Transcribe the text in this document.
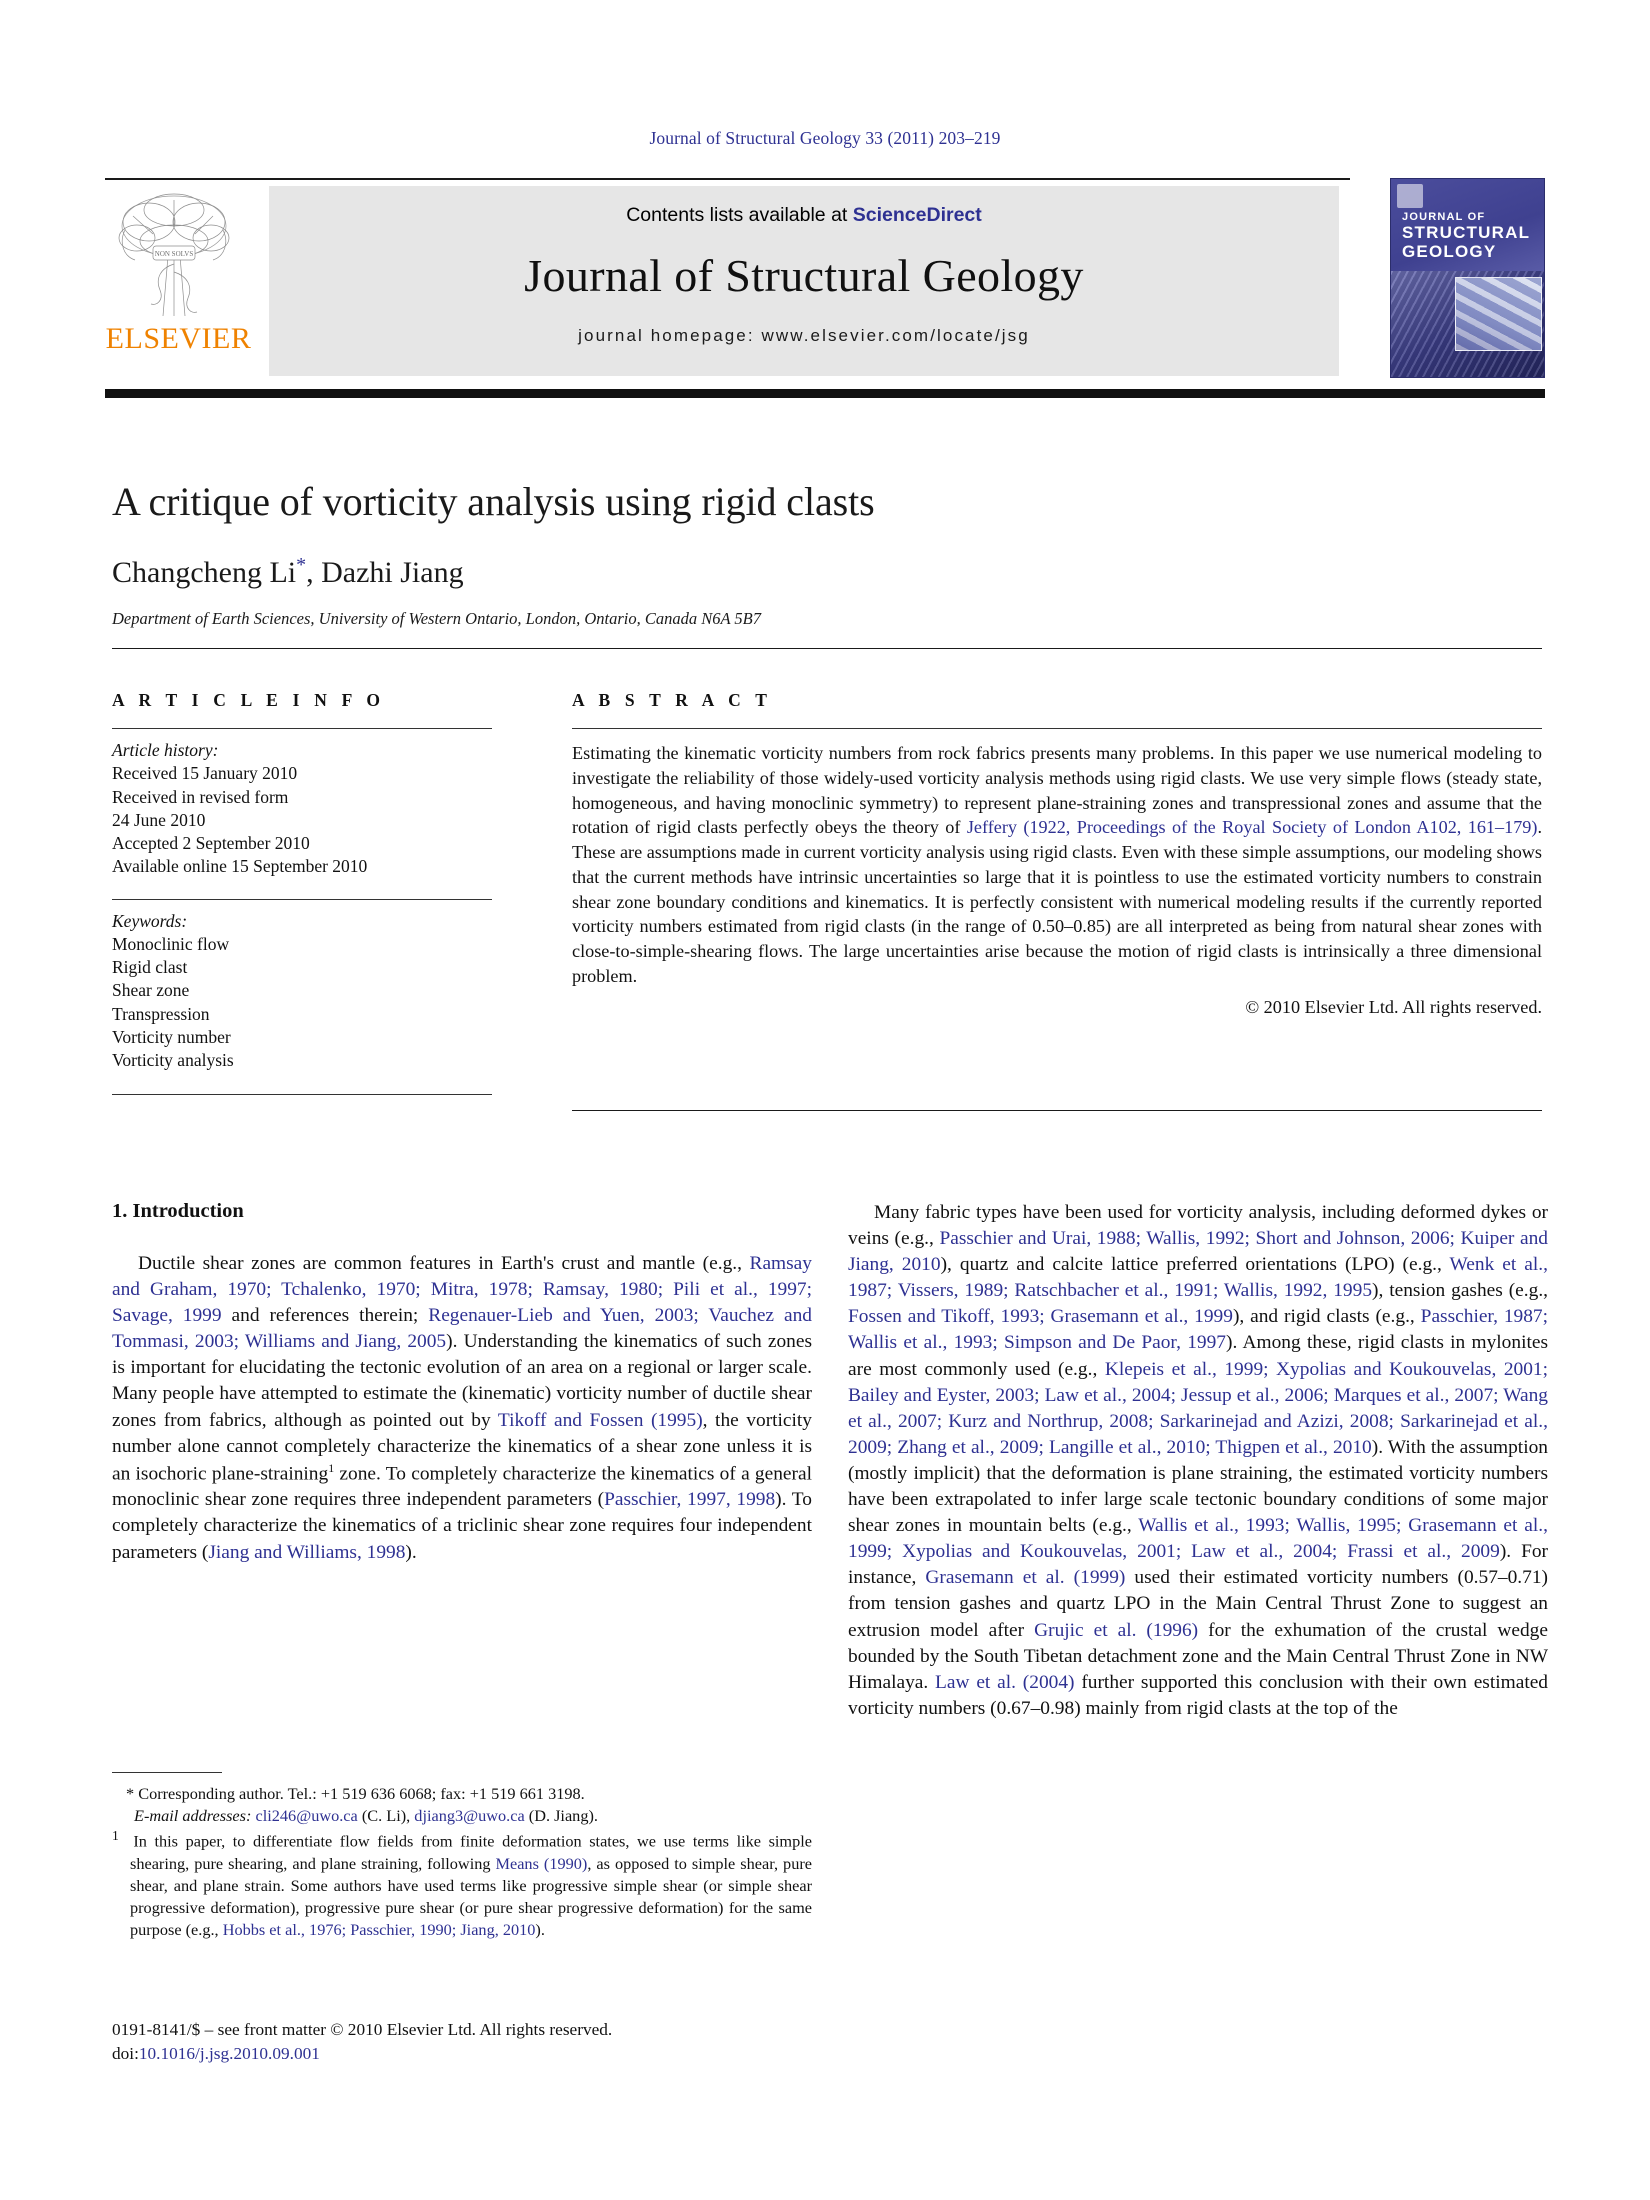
Journal of Structural Geology 33 (2011) 203–219
NON SOLVS
ELSEVIER
Contents lists available at ScienceDirect
Journal of Structural Geology
journal homepage: www.elsevier.com/locate/jsg
JOURNAL OF
STRUCTURAL
GEOLOGY
A critique of vorticity analysis using rigid clasts
Changcheng Li*, Dazhi Jiang
Department of Earth Sciences, University of Western Ontario, London, Ontario, Canada N6A 5B7
A R T I C L E I N F O
Article history:
Received 15 January 2010
Received in revised form
24 June 2010
Accepted 2 September 2010
Available online 15 September 2010
Keywords:
Monoclinic flow
Rigid clast
Shear zone
Transpression
Vorticity number
Vorticity analysis
A B S T R A C T
Estimating the kinematic vorticity numbers from rock fabrics presents many problems. In this paper we use numerical modeling to investigate the reliability of those widely-used vorticity analysis methods using rigid clasts. We use very simple flows (steady state, homogeneous, and having monoclinic symmetry) to represent plane-straining zones and transpressional zones and assume that the rotation of rigid clasts perfectly obeys the theory of Jeffery (1922, Proceedings of the Royal Society of London A102, 161–179). These are assumptions made in current vorticity analysis using rigid clasts. Even with these simple assumptions, our modeling shows that the current methods have intrinsic uncertainties so large that it is pointless to use the estimated vorticity numbers to constrain shear zone boundary conditions and kinematics. It is perfectly consistent with numerical modeling results if the currently reported vorticity numbers estimated from rigid clasts (in the range of 0.50–0.85) are all interpreted as being from natural shear zones with close-to-simple-shearing flows. The large uncertainties arise because the motion of rigid clasts is intrinsically a three dimensional problem.
© 2010 Elsevier Ltd. All rights reserved.
1. Introduction

Ductile shear zones are common features in Earth's crust and mantle (e.g., Ramsay and Graham, 1970; Tchalenko, 1970; Mitra, 1978; Ramsay, 1980; Pili et al., 1997; Savage, 1999 and references therein; Regenauer-Lieb and Yuen, 2003; Vauchez and Tommasi, 2003; Williams and Jiang, 2005). Understanding the kinematics of such zones is important for elucidating the tectonic evolution of an area on a regional or larger scale. Many people have attempted to estimate the (kinematic) vorticity number of ductile shear zones from fabrics, although as pointed out by Tikoff and Fossen (1995), the vorticity number alone cannot completely characterize the kinematics of a shear zone unless it is an isochoric plane-straining$^1$ zone. To completely characterize the kinematics of a general monoclinic shear zone requires three independent parameters (Passchier, 1997, 1998). To completely characterize the kinematics of a triclinic shear zone requires four independent parameters (Jiang and Williams, 1998).

Many fabric types have been used for vorticity analysis, including deformed dykes or veins (e.g., Passchier and Urai, 1988; Wallis, 1992; Short and Johnson, 2006; Kuiper and Jiang, 2010), quartz and calcite lattice preferred orientations (LPO) (e.g., Wenk et al., 1987; Vissers, 1989; Ratschbacher et al., 1991; Wallis, 1992, 1995), tension gashes (e.g., Fossen and Tikoff, 1993; Grasemann et al., 1999), and rigid clasts (e.g., Passchier, 1987; Wallis et al., 1993; Simpson and De Paor, 1997). Among these, rigid clasts in mylonites are most commonly used (e.g., Klepeis et al., 1999; Xypolias and Koukouvelas, 2001; Bailey and Eyster, 2003; Law et al., 2004; Jessup et al., 2006; Marques et al., 2007; Wang et al., 2007; Kurz and Northrup, 2008; Sarkarinejad and Azizi, 2008; Sarkarinejad et al., 2009; Zhang et al., 2009; Langille et al., 2010; Thigpen et al., 2010). With the assumption (mostly implicit) that the deformation is plane straining, the estimated vorticity numbers have been extrapolated to infer large scale tectonic boundary conditions of some major shear zones in mountain belts (e.g., Wallis et al., 1993; Wallis, 1995; Grasemann et al., 1999; Xypolias and Koukouvelas, 2001; Law et al., 2004; Frassi et al., 2009). For instance, Grasemann et al. (1999) used their estimated vorticity numbers (0.57–0.71) from tension gashes and quartz LPO in the Main Central Thrust Zone to suggest an extrusion model after Grujic et al. (1996) for the exhumation of the crustal wedge bounded by the South Tibetan detachment zone and the Main Central Thrust Zone in NW Himalaya. Law et al. (2004) further supported this conclusion with their own estimated vorticity numbers (0.67–0.98) mainly from rigid clasts at the top of the

* Corresponding author. Tel.: +1 519 636 6068; fax: +1 519 661 3198.

E-mail addresses: cli246@uwo.ca (C. Li), djiang3@uwo.ca (D. Jiang).

$^1$ In this paper, to differentiate flow fields from finite deformation states, we use terms like simple shearing, pure shearing, and plane straining, following Means (1990), as opposed to simple shear, pure shear, and plane strain. Some authors have used terms like progressive simple shear (or simple shear progressive deformation), progressive pure shear (or pure shear progressive deformation) for the same purpose (e.g., Hobbs et al., 1976; Passchier, 1990; Jiang, 2010).

0191-8141/$ – see front matter © 2010 Elsevier Ltd. All rights reserved.
doi:10.1016/j.jsg.2010.09.001
